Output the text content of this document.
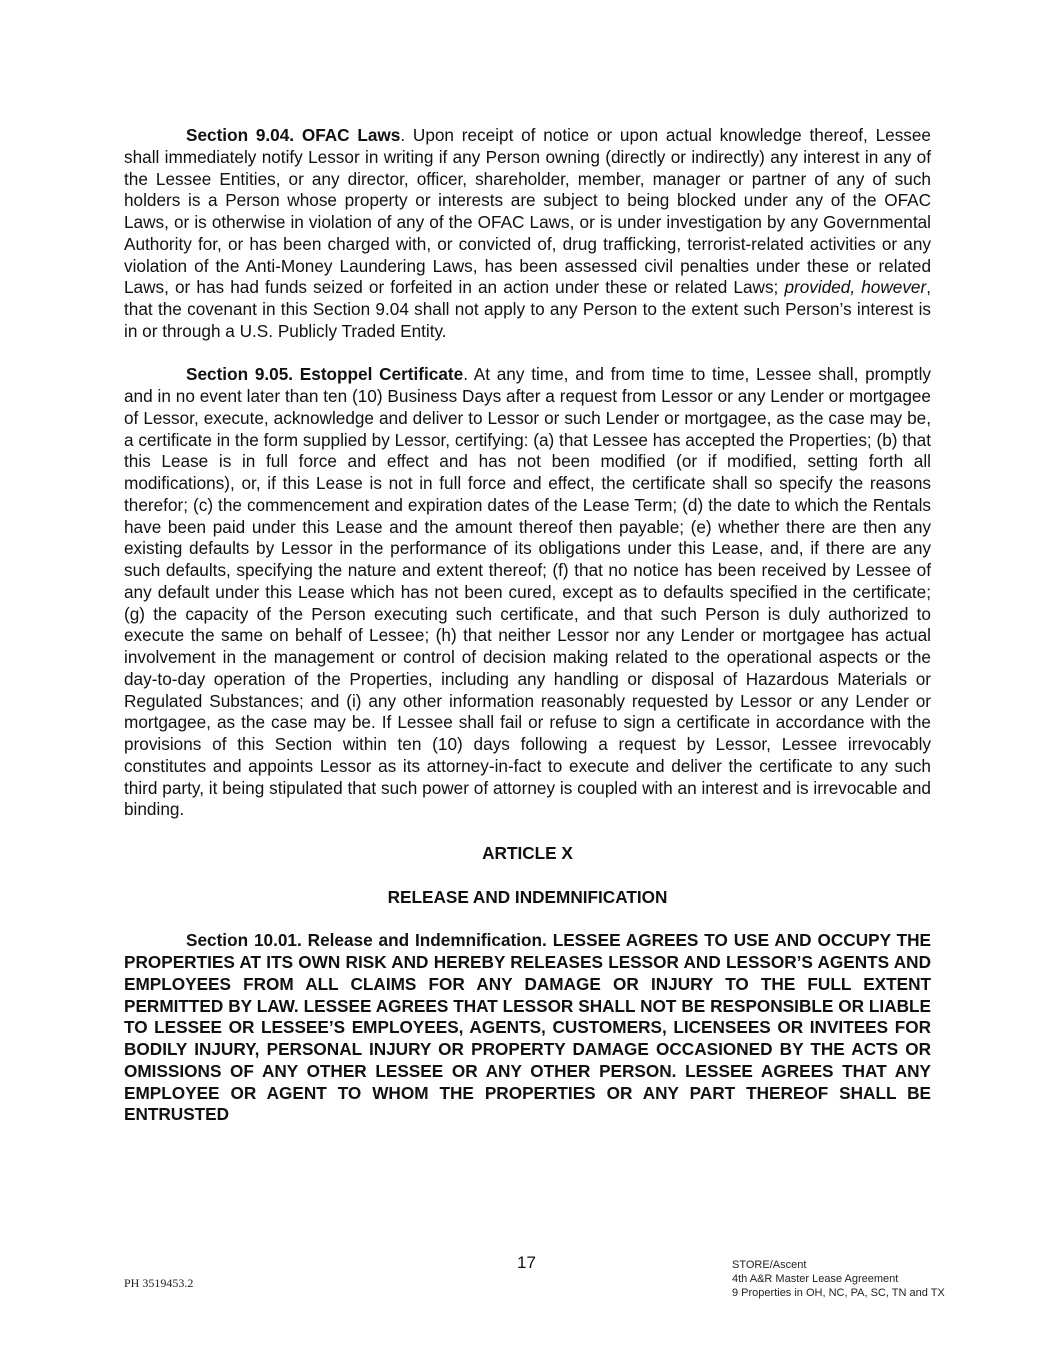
Section 9.04. OFAC Laws. Upon receipt of notice or upon actual knowledge thereof, Lessee shall immediately notify Lessor in writing if any Person owning (directly or indirectly) any interest in any of the Lessee Entities, or any director, officer, shareholder, member, manager or partner of any of such holders is a Person whose property or interests are subject to being blocked under any of the OFAC Laws, or is otherwise in violation of any of the OFAC Laws, or is under investigation by any Governmental Authority for, or has been charged with, or convicted of, drug trafficking, terrorist-related activities or any violation of the Anti-Money Laundering Laws, has been assessed civil penalties under these or related Laws, or has had funds seized or forfeited in an action under these or related Laws; provided, however, that the covenant in this Section 9.04 shall not apply to any Person to the extent such Person’s interest is in or through a U.S. Publicly Traded Entity.

Section 9.05. Estoppel Certificate. At any time, and from time to time, Lessee shall, promptly and in no event later than ten (10) Business Days after a request from Lessor or any Lender or mortgagee of Lessor, execute, acknowledge and deliver to Lessor or such Lender or mortgagee, as the case may be, a certificate in the form supplied by Lessor, certifying: (a) that Lessee has accepted the Properties; (b) that this Lease is in full force and effect and has not been modified (or if modified, setting forth all modifications), or, if this Lease is not in full force and effect, the certificate shall so specify the reasons therefor; (c) the commencement and expiration dates of the Lease Term; (d) the date to which the Rentals have been paid under this Lease and the amount thereof then payable; (e) whether there are then any existing defaults by Lessor in the performance of its obligations under this Lease, and, if there are any such defaults, specifying the nature and extent thereof; (f) that no notice has been received by Lessee of any default under this Lease which has not been cured, except as to defaults specified in the certificate; (g) the capacity of the Person executing such certificate, and that such Person is duly authorized to execute the same on behalf of Lessee; (h) that neither Lessor nor any Lender or mortgagee has actual involvement in the management or control of decision making related to the operational aspects or the day-to-day operation of the Properties, including any handling or disposal of Hazardous Materials or Regulated Substances; and (i) any other information reasonably requested by Lessor or any Lender or mortgagee, as the case may be. If Lessee shall fail or refuse to sign a certificate in accordance with the provisions of this Section within ten (10) days following a request by Lessor, Lessee irrevocably constitutes and appoints Lessor as its attorney-in-fact to execute and deliver the certificate to any such third party, it being stipulated that such power of attorney is coupled with an interest and is irrevocable and binding.

ARTICLE X

RELEASE AND INDEMNIFICATION

Section 10.01. Release and Indemnification. LESSEE AGREES TO USE AND OCCUPY THE PROPERTIES AT ITS OWN RISK AND HEREBY RELEASES LESSOR AND LESSOR’S AGENTS AND EMPLOYEES FROM ALL CLAIMS FOR ANY DAMAGE OR INJURY TO THE FULL EXTENT PERMITTED BY LAW. LESSEE AGREES THAT LESSOR SHALL NOT BE RESPONSIBLE OR LIABLE TO LESSEE OR LESSEE’S EMPLOYEES, AGENTS, CUSTOMERS, LICENSEES OR INVITEES FOR BODILY INJURY, PERSONAL INJURY OR PROPERTY DAMAGE OCCASIONED BY THE ACTS OR OMISSIONS OF ANY OTHER LESSEE OR ANY OTHER PERSON. LESSEE AGREES THAT ANY EMPLOYEE OR AGENT TO WHOM THE PROPERTIES OR ANY PART THEREOF SHALL BE ENTRUSTED

PH 3519453.2
17	STORE/Ascent
4th A&R Master Lease Agreement
9 Properties in OH, NC, PA, SC, TN and TX
